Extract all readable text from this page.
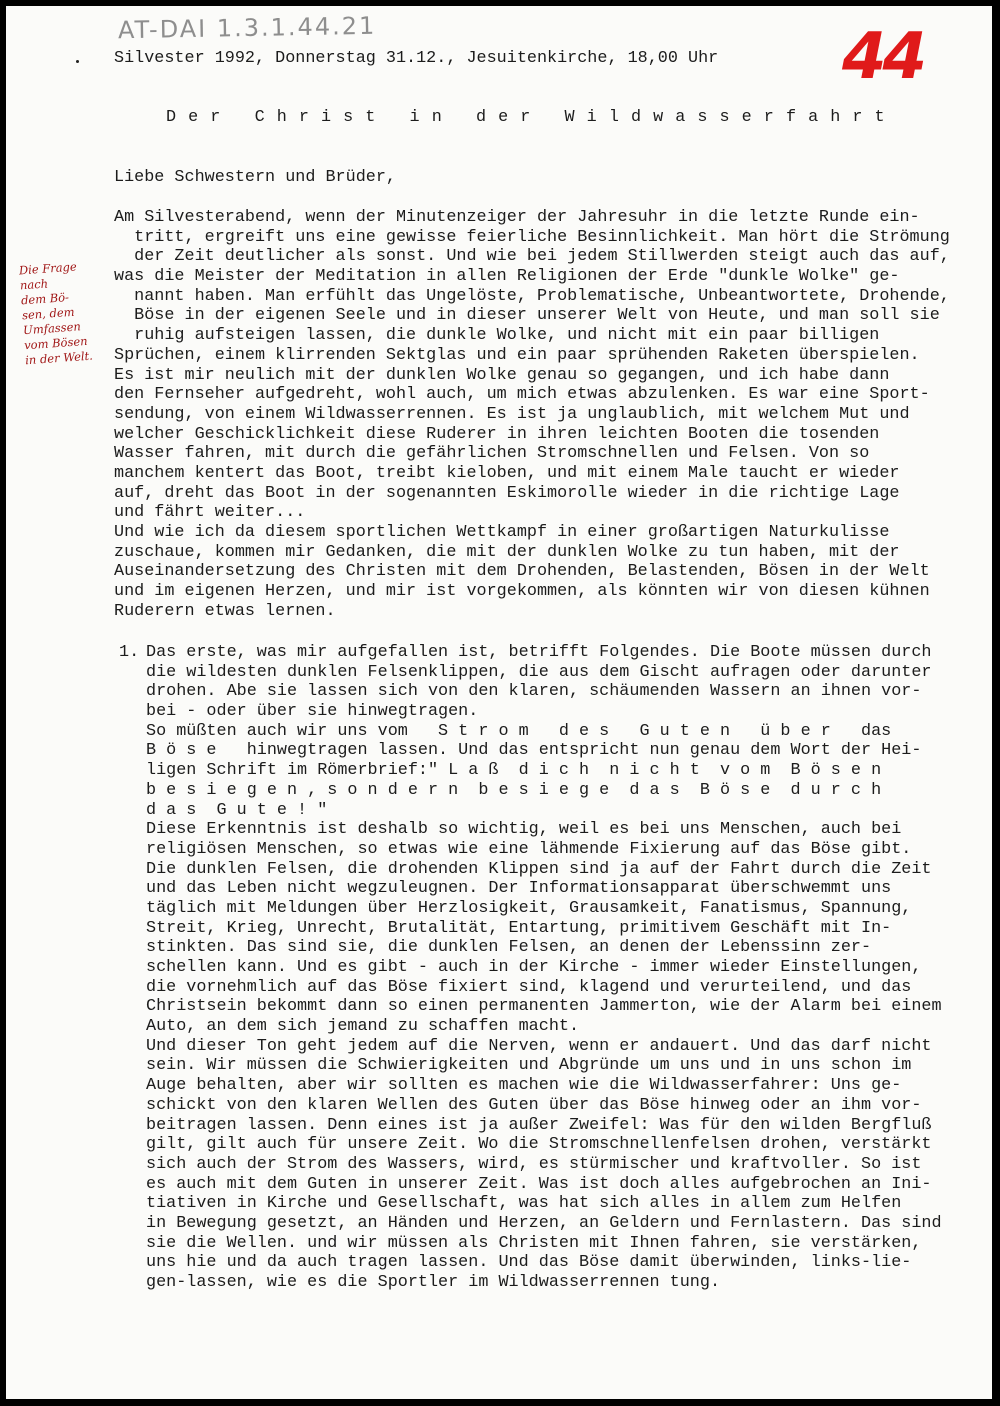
AT-DAI 1.3.1.44.21	44
Silvester 1992, Donnerstag 31.12., Jesuitenkirche, 18,00 Uhr
D e r   C h r i s t   i n   d e r   W i l d w a s s e r f a h r t
Liebe Schwestern und Brüder,
Die Frage
nach
dem Bö-
sen, dem
Umfassen
vom Bösen
in der Welt.
Am Silvesterabend, wenn der Minutenzeiger der Jahresuhr in die letzte Runde ein-
tritt, ergreift uns eine gewisse feierliche Besinnlichkeit. Man hört die Strömung
der Zeit deutlicher als sonst. Und wie bei jedem Stillwerden steigt auch das auf,
was die Meister der Meditation in allen Religionen der Erde "dunkle Wolke" ge-
nannt haben. Man erfühlt das Ungelöste, Problematische, Unbeantwortete, Drohende,
Böse in der eigenen Seele und in dieser unserer Welt von Heute, und man soll sie
ruhig aufsteigen lassen, die dunkle Wolke, und nicht mit ein paar billigen
Sprüchen, einem klirrenden Sektglas und ein paar sprühenden Raketen überspielen.
Es ist mir neulich mit der dunklen Wolke genau so gegangen, und ich habe dann
den Fernseher aufgedreht, wohl auch, um mich etwas abzulenken. Es war eine Sport-
sendung, von einem Wildwasserrennen. Es ist ja unglaublich, mit welchem Mut und
welcher Geschicklichkeit diese Ruderer in ihren leichten Booten die tosenden
Wasser fahren, mit durch die gefährlichen Stromschnellen und Felsen. Von so
manchem kentert das Boot, treibt kieloben, und mit einem Male taucht er wieder
auf, dreht das Boot in der sogenannten Eskimorolle wieder in die richtige Lage
und fährt weiter...
Und wie ich da diesem sportlichen Wettkampf in einer großartigen Naturkulisse
zuschaue, kommen mir Gedanken, die mit der dunklen Wolke zu tun haben, mit der
Auseinandersetzung des Christen mit dem Drohenden, Belastenden, Bösen in der Welt
und im eigenen Herzen, und mir ist vorgekommen, als könnten wir von diesen kühnen
Ruderern etwas lernen.
1. Das erste, was mir aufgefallen ist, betrifft Folgendes. Die Boote müssen durch
die wildesten dunklen Felsenklippen, die aus dem Gischt aufragen oder darunter
drohen. Abe sie lassen sich von den klaren, schäumenden Wassern an ihnen vor-
bei - oder über sie hinwegtragen.
So müßten auch wir uns vom   S t r o m   d e s   G u t e n   ü b e r   das
B ö s e   hinwegtragen lassen. Und das entspricht nun genau dem Wort der Hei-
ligen Schrift im Römerbrief:" L a ß  d i c h  n i c h t  v o m  B ö s e n
b e s i e g e n , s o n d e r n  b e s i e g e  d a s  B ö s e  d u r c h
d a s  G u t e ! "
Diese Erkenntnis ist deshalb so wichtig, weil es bei uns Menschen, auch bei
religiösen Menschen, so etwas wie eine lähmende Fixierung auf das Böse gibt.
Die dunklen Felsen, die drohenden Klippen sind ja auf der Fahrt durch die Zeit
und das Leben nicht wegzuleugnen. Der Informationsapparat überschwemmt uns
täglich mit Meldungen über Herzlosigkeit, Grausamkeit, Fanatismus, Spannung,
Streit, Krieg, Unrecht, Brutalität, Entartung, primitivem Geschäft mit In-
stinkten. Das sind sie, die dunklen Felsen, an denen der Lebenssinn zer-
schellen kann. Und es gibt - auch in der Kirche - immer wieder Einstellungen,
die vornehmlich auf das Böse fixiert sind, klagend und verurteilend, und das
Christsein bekommt dann so einen permanenten Jammerton, wie der Alarm bei einem
Auto, an dem sich jemand zu schaffen macht.
Und dieser Ton geht jedem auf die Nerven, wenn er andauert. Und das darf nicht
sein. Wir müssen die Schwierigkeiten und Abgründe um uns und in uns schon im
Auge behalten, aber wir sollten es machen wie die Wildwasserfahrer: Uns ge-
schickt von den klaren Wellen des Guten über das Böse hinweg oder an ihm vor-
beitragen lassen. Denn eines ist ja außer Zweifel: Was für den wilden Bergfluß
gilt, gilt auch für unsere Zeit. Wo die Stromschnellenfelsen drohen, verstärkt
sich auch der Strom des Wassers, wird, es stürmischer und kraftvoller. So ist
es auch mit dem Guten in unserer Zeit. Was ist doch alles aufgebrochen an Ini-
tiativen in Kirche und Gesellschaft, was hat sich alles in allem zum Helfen
in Bewegung gesetzt, an Händen und Herzen, an Geldern und Fernlastern. Das sind
sie die Wellen. und wir müssen als Christen mit Ihnen fahren, sie verstärken,
uns hie und da auch tragen lassen. Und das Böse damit überwinden, links-lie-
gen-lassen, wie es die Sportler im Wildwasserrennen tung.
